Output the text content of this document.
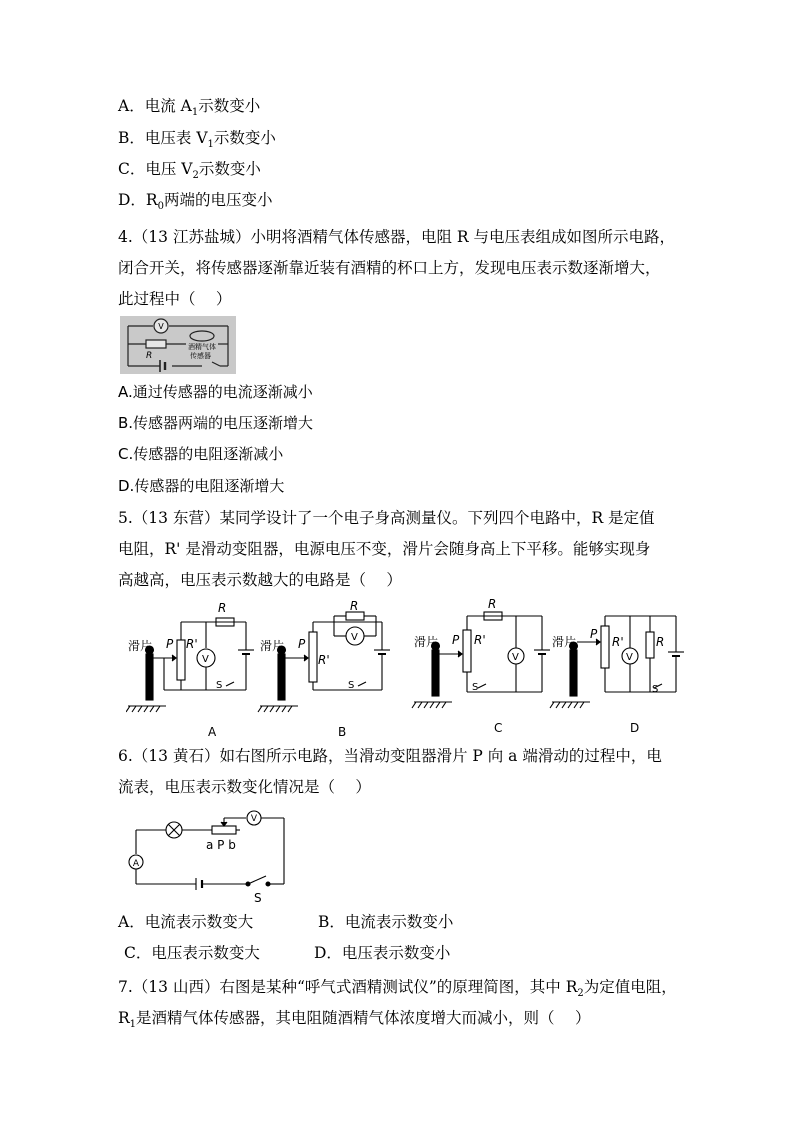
A．电流 $A_1$示数变小
B．电压表 $V_1$示数变小
C．电压 $V_2$示数变小
D．$R_0$两端的电压变小
4.（13 江苏盐城）小明将酒精气体传感器，电阻 R 与电压表组成如图所示电路，
闭合开关，将传感器逐渐靠近装有酒精的杯口上方，发现电压表示数逐渐增大，
此过程中（　 ）
V
R
酒精气体
传感器
A.通过传感器的电流逐渐减小
B.传感器两端的电压逐渐增大
C.传感器的电阻逐渐减小
D.传感器的电阻逐渐增大
5.（13 东营）某同学设计了一个电子身高测量仪。下列四个电路中，R 是定值
电阻，R' 是滑动变阻器，电源电压不变，滑片会随身高上下平移。能够实现身
高越高，电压表示数越大的电路是（　 ）
滑片 P R'
R
V
S
A
滑片 P
R'
R
V
S
B
滑片 P R'
R
V
S
C
滑片
P
R'	R
V
S
D
6.（13 黄石）如右图所示电路，当滑动变阻器滑片 P 向 a 端滑动的过程中，电
流表，电压表示数变化情况是（　 ）
A
V
a P b
S
A．电流表示数变大	B．电流表示数变小
C．电压表示数变大	D．电压表示数变小
7.（13 山西）右图是某种“呼气式酒精测试仪”的原理简图，其中 $R_2$为定值电阻，
$R_1$是酒精气体传感器，其电阻随酒精气体浓度增大而减小，则（　 ）
